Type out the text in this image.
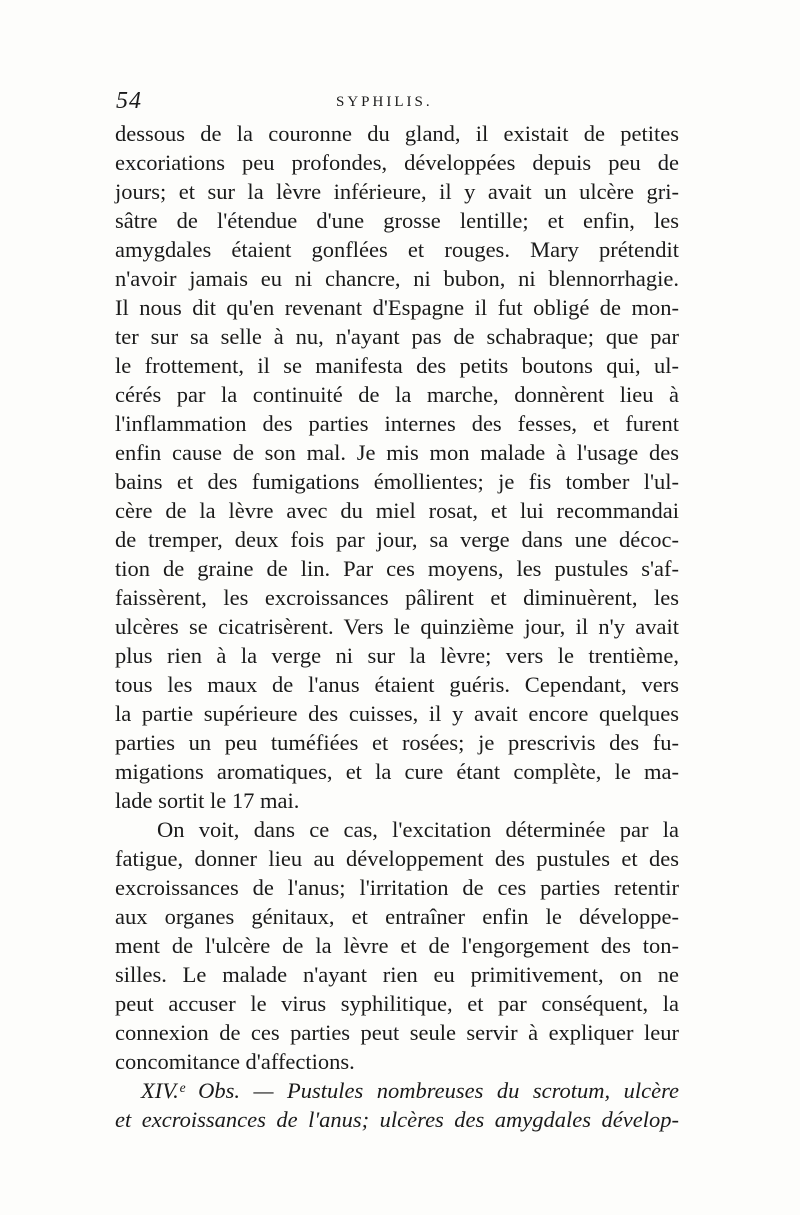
54	SYPHILIS.
dessous de la couronne du gland, il existait de petites
excoriations peu profondes, développées depuis peu de
jours; et sur la lèvre inférieure, il y avait un ulcère gri-
sâtre de l'étendue d'une grosse lentille; et enfin, les
amygdales étaient gonflées et rouges. Mary prétendit
n'avoir jamais eu ni chancre, ni bubon, ni blennorrhagie.
Il nous dit qu'en revenant d'Espagne il fut obligé de mon-
ter sur sa selle à nu, n'ayant pas de schabraque; que par
le frottement, il se manifesta des petits boutons qui, ul-
cérés par la continuité de la marche, donnèrent lieu à
l'inflammation des parties internes des fesses, et furent
enfin cause de son mal. Je mis mon malade à l'usage des
bains et des fumigations émollientes; je fis tomber l'ul-
cère de la lèvre avec du miel rosat, et lui recommandai
de tremper, deux fois par jour, sa verge dans une décoc-
tion de graine de lin. Par ces moyens, les pustules s'af-
faissèrent, les excroissances pâlirent et diminuèrent, les
ulcères se cicatrisèrent. Vers le quinzième jour, il n'y avait
plus rien à la verge ni sur la lèvre; vers le trentième,
tous les maux de l'anus étaient guéris. Cependant, vers
la partie supérieure des cuisses, il y avait encore quelques
parties un peu tuméfiées et rosées; je prescrivis des fu-
migations aromatiques, et la cure étant complète, le ma-
lade sortit le 17 mai.
On voit, dans ce cas, l'excitation déterminée par la
fatigue, donner lieu au développement des pustules et des
excroissances de l'anus; l'irritation de ces parties retentir
aux organes génitaux, et entraîner enfin le développe-
ment de l'ulcère de la lèvre et de l'engorgement des ton-
silles. Le malade n'ayant rien eu primitivement, on ne
peut accuser le virus syphilitique, et par conséquent, la
connexion de ces parties peut seule servir à expliquer leur
concomitance d'affections.
XIV.ᵉ Obs. — Pustules nombreuses du scrotum, ulcère
et excroissances de l'anus; ulcères des amygdales dévelop-
